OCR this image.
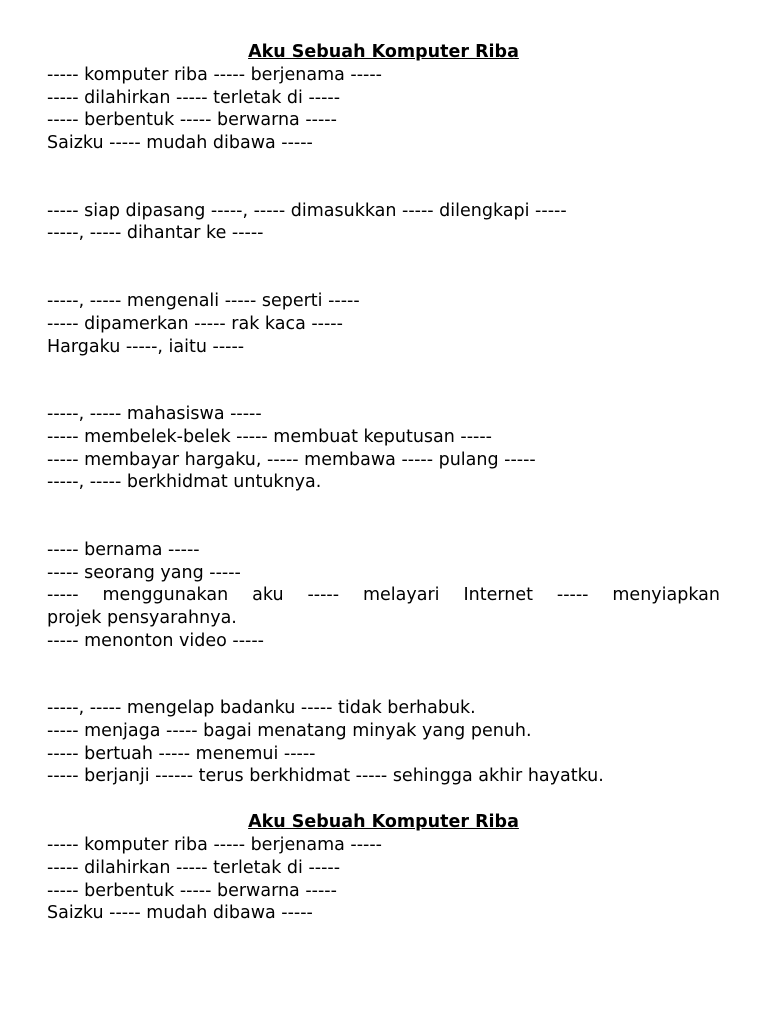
Aku Sebuah Komputer Riba

----- komputer riba ----- berjenama -----

----- dilahirkan ----- terletak di -----

----- berbentuk ----- berwarna -----

Saizku ----- mudah dibawa -----

----- siap dipasang -----, ----- dimasukkan ----- dilengkapi -----

-----, ----- dihantar ke -----

-----, ----- mengenali ----- seperti -----

----- dipamerkan ----- rak kaca -----

Hargaku -----, iaitu -----

-----, ----- mahasiswa -----

----- membelek-belek ----- membuat keputusan -----

----- membayar hargaku, ----- membawa ----- pulang -----

-----, ----- berkhidmat untuknya.

----- bernama -----

----- seorang yang -----

----- menggunakan aku ----- melayari Internet ----- menyiapkan

projek pensyarahnya.

----- menonton video -----

-----, ----- mengelap badanku ----- tidak berhabuk.

----- menjaga ----- bagai menatang minyak yang penuh.

----- bertuah ----- menemui -----

----- berjanji ------ terus berkhidmat ----- sehingga akhir hayatku.

Aku Sebuah Komputer Riba

----- komputer riba ----- berjenama -----

----- dilahirkan ----- terletak di -----

----- berbentuk ----- berwarna -----

Saizku ----- mudah dibawa -----
